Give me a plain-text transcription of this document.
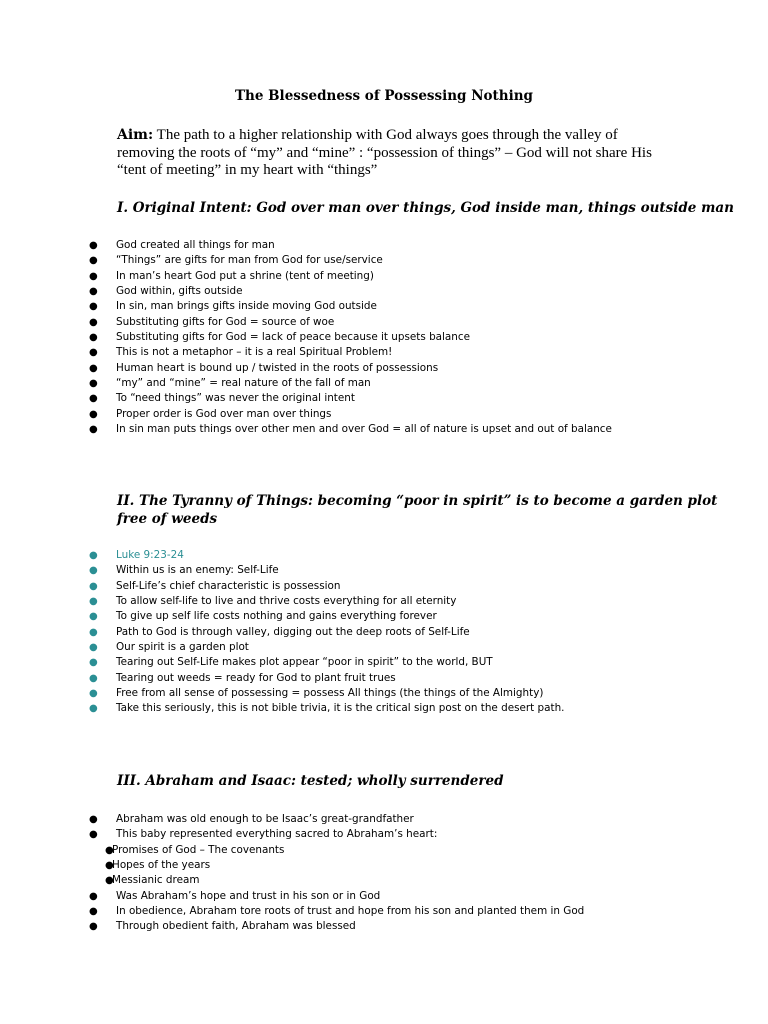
The Blessedness of Possessing Nothing
Aim: The path to a higher relationship with God always goes through the valley of removing the roots of “my” and “mine” : “possession of things” – God will not share His “tent of meeting” in my heart with “things”
I. Original Intent: God over man over things, God inside man, things outside man
● God created all things for man
● “Things” are gifts for man from God for use/service
● In man’s heart God put a shrine (tent of meeting)
● God within, gifts outside
● In sin, man brings gifts inside moving God outside
● Substituting gifts for God = source of woe
● Substituting gifts for God = lack of peace because it upsets balance
● This is not a metaphor – it is a real Spiritual Problem!
● Human heart is bound up / twisted in the roots of possessions
● “my” and “mine” = real nature of the fall of man
● To “need things” was never the original intent
● Proper order is God over man over things
● In sin man puts things over other men and over God = all of nature is upset and out of balance
II. The Tyranny of Things: becoming “poor in spirit” is to become a garden plot
free of weeds
● Luke 9:23-24
● Within us is an enemy: Self-Life
● Self-Life’s chief characteristic is possession
● To allow self-life to live and thrive costs everything for all eternity
● To give up self life costs nothing and gains everything forever
● Path to God is through valley, digging out the deep roots of Self-Life
● Our spirit is a garden plot
● Tearing out Self-Life makes plot appear “poor in spirit” to the world, BUT
● Tearing out weeds = ready for God to plant fruit trues
● Free from all sense of possessing = possess All things (the things of the Almighty)
● Take this seriously, this is not bible trivia, it is the critical sign post on the desert path.
III. Abraham and Isaac: tested; wholly surrendered
● Abraham was old enough to be Isaac’s great-grandfather
● This baby represented everything sacred to Abraham’s heart:
●
Promises of God – The covenants
●
Hopes of the years
●
Messianic dream
● Was Abraham’s hope and trust in his son or in God
● In obedience, Abraham tore roots of trust and hope from his son and planted them in God
● Through obedient faith, Abraham was blessed
